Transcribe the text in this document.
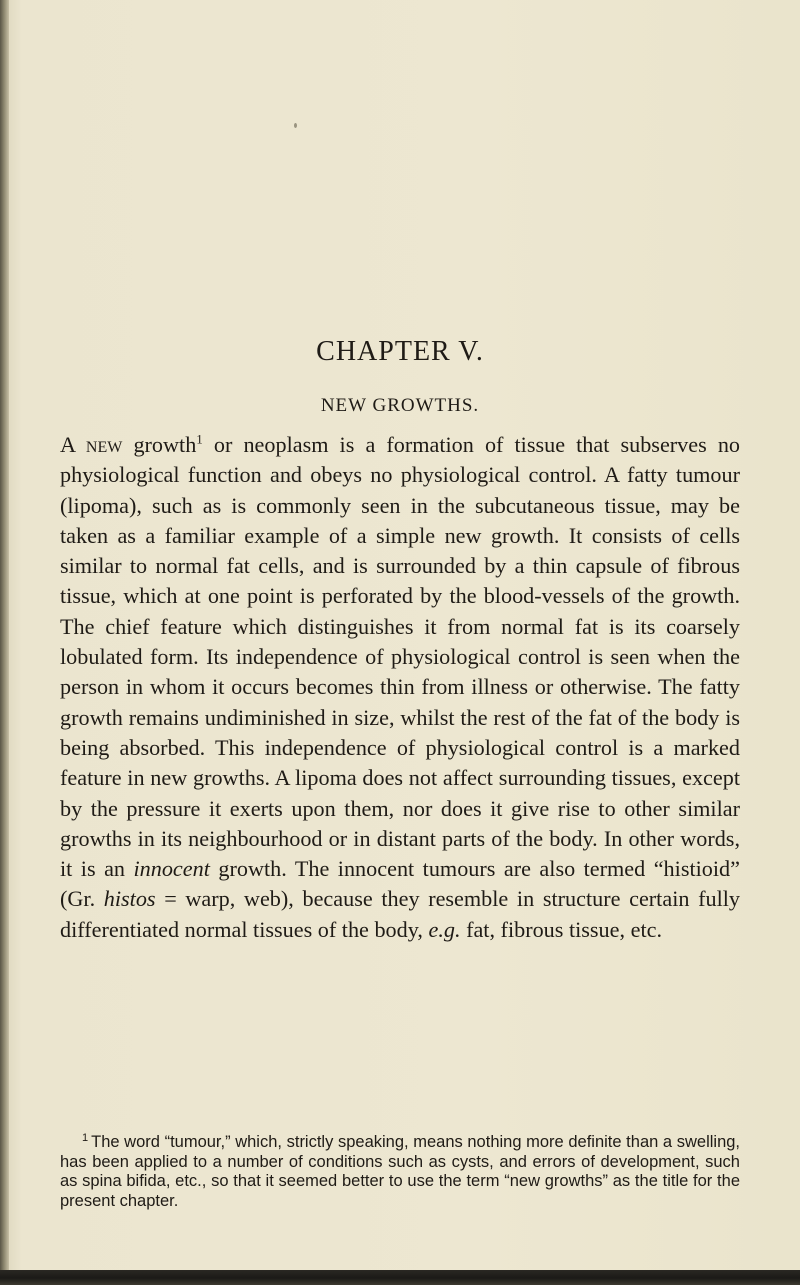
CHAPTER V.
NEW GROWTHS.

A new growth$^1$ or neoplasm is a formation of tissue that subserves no physiological function and obeys no physiological control. A fatty tumour (lipoma), such as is commonly seen in the subcutaneous tissue, may be taken as a familiar example of a simple new growth. It consists of cells similar to normal fat cells, and is surrounded by a thin capsule of fibrous tissue, which at one point is perforated by the blood-vessels of the growth. The chief feature which distinguishes it from normal fat is its coarsely lobulated form. Its independence of physiological control is seen when the person in whom it occurs becomes thin from illness or otherwise. The fatty growth remains undiminished in size, whilst the rest of the fat of the body is being absorbed. This independence of physiological control is a marked feature in new growths. A lipoma does not affect surrounding tissues, except by the pressure it exerts upon them, nor does it give rise to other similar growths in its neighbourhood or in distant parts of the body. In other words, it is an innocent growth. The innocent tumours are also termed “histioid” (Gr. histos = warp, web), because they resemble in structure certain fully differentiated normal tissues of the body, e.g. fat, fibrous tissue, etc.

$^1$ The word “tumour,” which, strictly speaking, means nothing more definite than a swelling, has been applied to a number of conditions such as cysts, and errors of development, such as spina bifida, etc., so that it seemed better to use the term “new growths” as the title for the present chapter.
